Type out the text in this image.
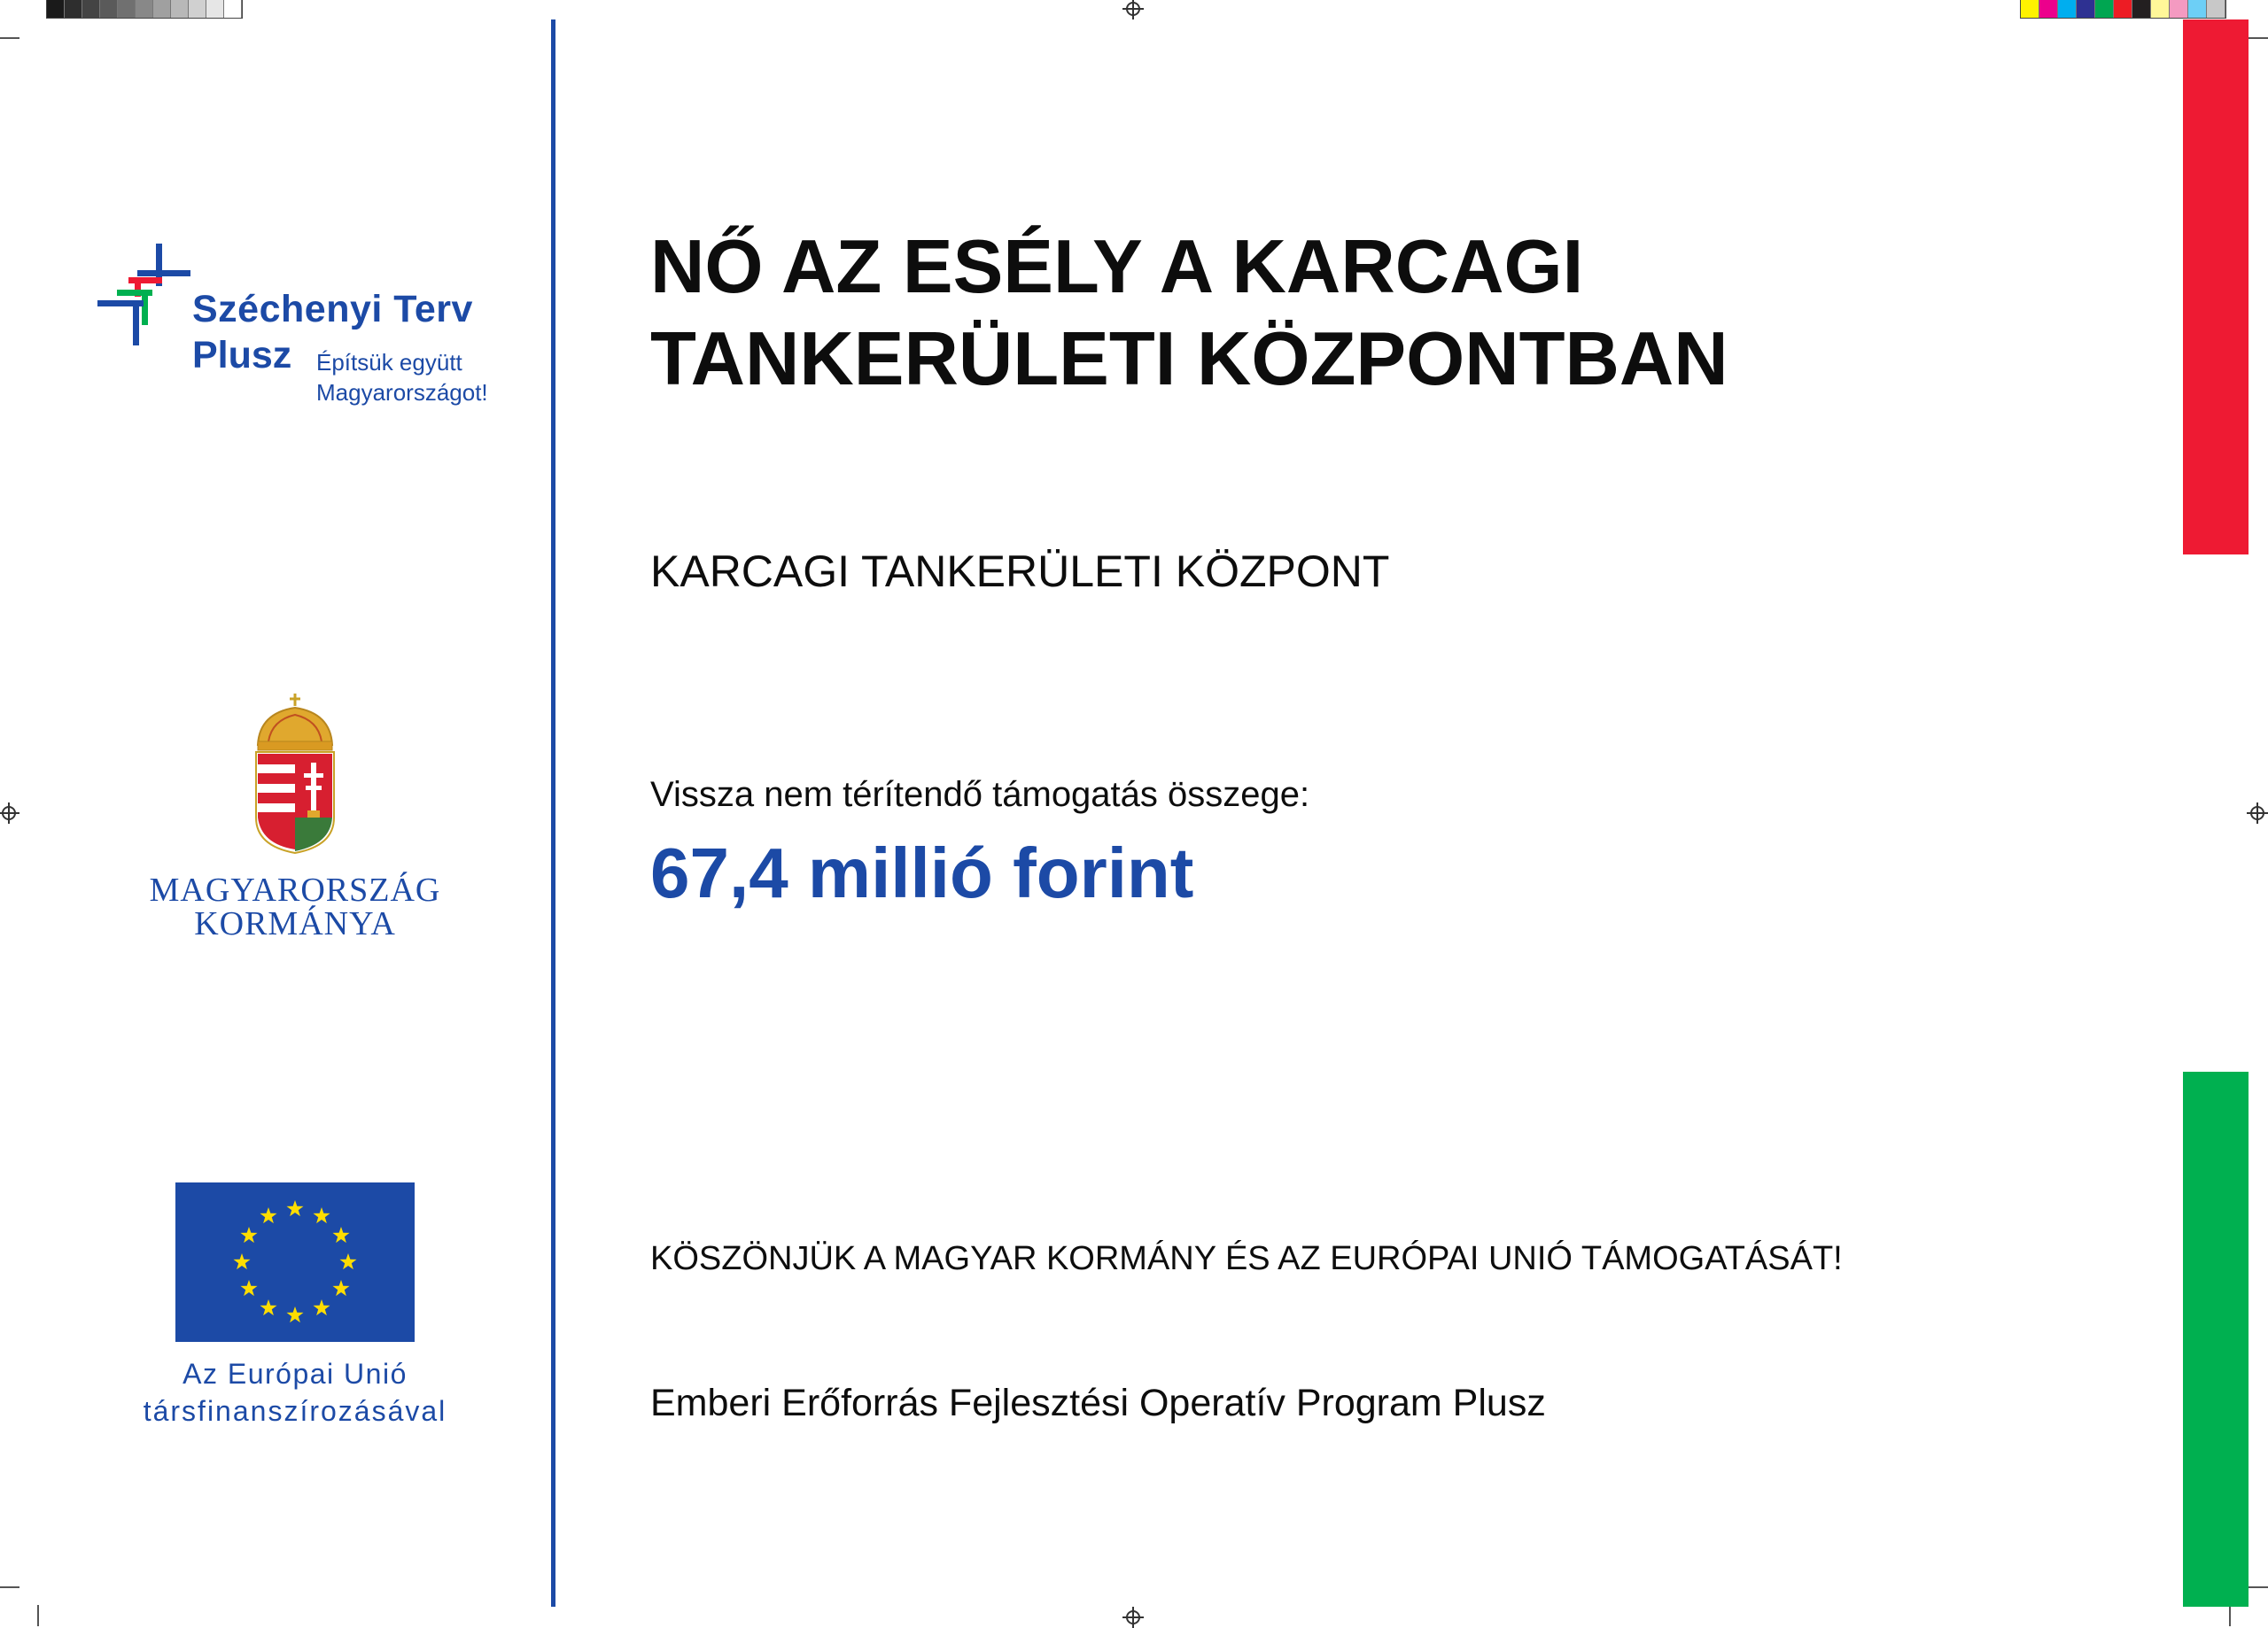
Széchenyi Terv
Plusz Építsük együtt
Magyarországot!
MAGYARORSZÁG
KORMÁNYA
Az Európai Unió
társfinanszírozásával
NŐ AZ ESÉLY A KARCAGI
TANKERÜLETI KÖZPONTBAN
KARCAGI TANKERÜLETI KÖZPONT
Vissza nem térítendő támogatás összege:
67,4 millió forint
KÖSZÖNJÜK A MAGYAR KORMÁNY ÉS AZ EURÓPAI UNIÓ TÁMOGATÁSÁT!
Emberi Erőforrás Fejlesztési Operatív Program Plusz
